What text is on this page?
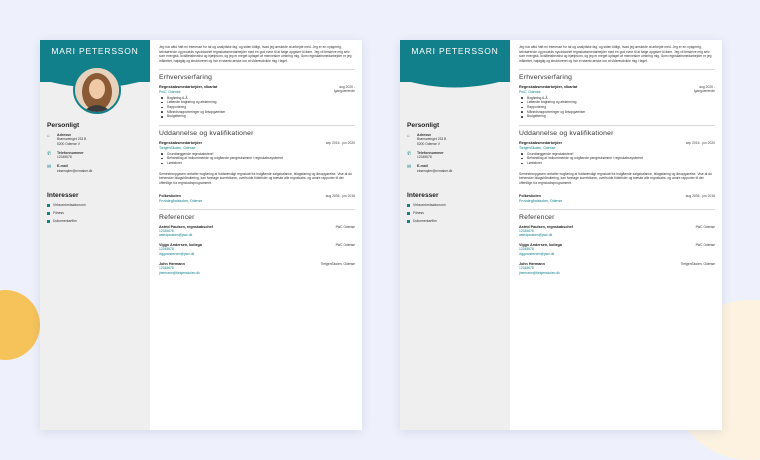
MARI PETERSSON
Personligt
⌂	Adresse
Brønsvænget 233 B
5200 Odense V
✆	Telefonnummer
12345678
✉	E-mail
eksempler@cvmaker.dk
Interesser
Virksomhedsøkonomi
Fitness
Dokumentarfilm
Jeg har altid haft en interesse for tal og analytiske fag, og siden tidligt, hvad jeg ønskede at arbejde med. Jeg er en nysgerrig, selvkørende og proaktiv nyuddannet regnskabsmedarbejder med en god evne til at følge opgaver til døre. Jeg vil beskrive mig selv som energisk, kvalitetsbevidst og hjælpsom, og jeg er meget optaget af mennesker omkring mig. Som regnskabsmedarbejder er jeg målrettet, nøjagtig og struktureret og har et stærkt ønske om at videreudvikle mig i faget.
Erhvervserfaring
Regnskabsmedarbejder, vikariat
PwC, Odense
aug 2020 -
Igangværende
Bogføring A-Å
Løbende bogføring og afstemning
Rapportering
Månedsrapporteringer og årsopgørelser
Budgettering
Uddannelse og kvalifikationer
Regnskabsmedarbejder
TietgenSkolen, Odense
sep 2016 - jun 2020
Grundlæggende regnskabsteori
Behandling af indkommende og udgående pengestrømme i regnskabssystemet
Lønteknet
Semesteropgaven omfatter bogføring af fuldstændigt regnskab fra indgående salgsbalance, bilagsføring og årsopgørelse. Vise at du behersker bilagshåndtering, kan foretage korrektioner, overholde tidsfrister og træske alle regnskabs- og andre rapporter til det offentlige fra regnskabsprogrammet.
Folkeskolen
Provstegårdskolen, Odense
aug 2006 - jun 2016
Referencer
Astrid Paulsen, regnskabschef
12345678
astridpaulsen@pwc.dk
PwC Odense
Viggo Andersen, kollega
12345678
viggoandersen@pwc.dk
PwC Odense
John Hermann
12345678
jhermann@tietgenskolen.dk
TietgenSkolen, Odense
MARI PETERSSON
Personligt
⌂	Adresse
Brønsvænget 233 B
5200 Odense V
✆	Telefonnummer
12345678
✉	E-mail
eksempler@cvmaker.dk
Interesser
Virksomhedsøkonomi
Fitness
Dokumentarfilm
Jeg har altid haft en interesse for tal og analytiske fag, og siden tidligt, hvad jeg ønskede at arbejde med. Jeg er en nysgerrig, selvkørende og proaktiv nyuddannet regnskabsmedarbejder med en god evne til at følge opgaver til døre. Jeg vil beskrive mig selv som energisk, kvalitetsbevidst og hjælpsom, og jeg er meget optaget af mennesker omkring mig. Som regnskabsmedarbejder er jeg målrettet, nøjagtig og struktureret og har et stærkt ønske om at videreudvikle mig i faget.
Erhvervserfaring
Regnskabsmedarbejder, vikariat
PwC, Odense
aug 2020 -
Igangværende
Bogføring A-Å
Løbende bogføring og afstemning
Rapportering
Månedsrapporteringer og årsopgørelser
Budgettering
Uddannelse og kvalifikationer
Regnskabsmedarbejder
TietgenSkolen, Odense
sep 2016 - jun 2020
Grundlæggende regnskabsteori
Behandling af indkommende og udgående pengestrømme i regnskabssystemet
Lønteknet
Semesteropgaven omfatter bogføring af fuldstændigt regnskab fra indgående salgsbalance, bilagsføring og årsopgørelse. Vise at du behersker bilagshåndtering, kan foretage korrektioner, overholde tidsfrister og træske alle regnskabs- og andre rapporter til det offentlige fra regnskabsprogrammet.
Folkeskolen
Provstegårdskolen, Odense
aug 2006 - jun 2016
Referencer
Astrid Paulsen, regnskabschef
12345678
astridpaulsen@pwc.dk
PwC Odense
Viggo Andersen, kollega
12345678
viggoandersen@pwc.dk
PwC Odense
John Hermann
12345678
jhermann@tietgenskolen.dk
TietgenSkolen, Odense
